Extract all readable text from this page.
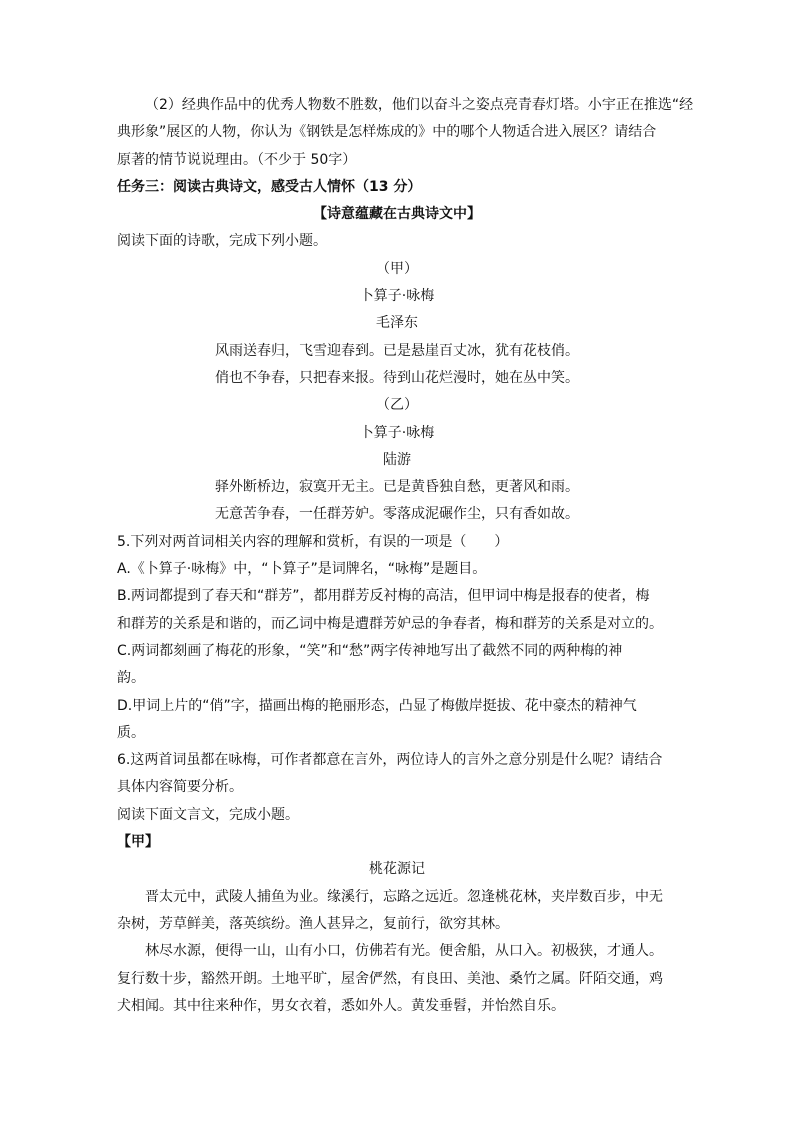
（2）经典作品中的优秀人物数不胜数，他们以奋斗之姿点亮青春灯塔。小宇正在推选“经
典形象”展区的人物，你认为《钢铁是怎样炼成的》中的哪个人物适合进入展区？请结合
原著的情节说说理由。（不少于 50字）
任务三：阅读古典诗文，感受古人情怀（13 分）
【诗意蕴藏在古典诗文中】
阅读下面的诗歌，完成下列小题。
（甲）
卜算子·咏梅
毛泽东
风雨送春归，飞雪迎春到。已是悬崖百丈冰，犹有花枝俏。
俏也不争春，只把春来报。待到山花烂漫时，她在丛中笑。
（乙）
卜算子·咏梅
陆游
驿外断桥边，寂寞开无主。已是黄昏独自愁，更著风和雨。
无意苦争春，一任群芳妒。零落成泥碾作尘，只有香如故。
5.下列对两首词相关内容的理解和赏析，有误的一项是（　　）
A.《卜算子·咏梅》中，“卜算子”是词牌名，“咏梅”是题目。
B.两词都提到了春天和“群芳”，都用群芳反衬梅的高洁，但甲词中梅是报春的使者，梅
和群芳的关系是和谐的，而乙词中梅是遭群芳妒忌的争春者，梅和群芳的关系是对立的。
C.两词都刻画了梅花的形象，“笑”和“愁”两字传神地写出了截然不同的两种梅的神
韵。
D.甲词上片的“俏”字，描画出梅的艳丽形态，凸显了梅傲岸挺拔、花中豪杰的精神气
质。
6.这两首词虽都在咏梅，可作者都意在言外，两位诗人的言外之意分别是什么呢？请结合
具体内容简要分析。
阅读下面文言文，完成小题。
【甲】
桃花源记
晋太元中，武陵人捕鱼为业。缘溪行，忘路之远近。忽逢桃花林，夹岸数百步，中无
杂树，芳草鲜美，落英缤纷。渔人甚异之，复前行，欲穷其林。
林尽水源，便得一山，山有小口，仿佛若有光。便舍船，从口入。初极狭，才通人。
复行数十步，豁然开朗。土地平旷，屋舍俨然，有良田、美池、桑竹之属。阡陌交通，鸡
犬相闻。其中往来种作，男女衣着，悉如外人。黄发垂髫，并怡然自乐。
